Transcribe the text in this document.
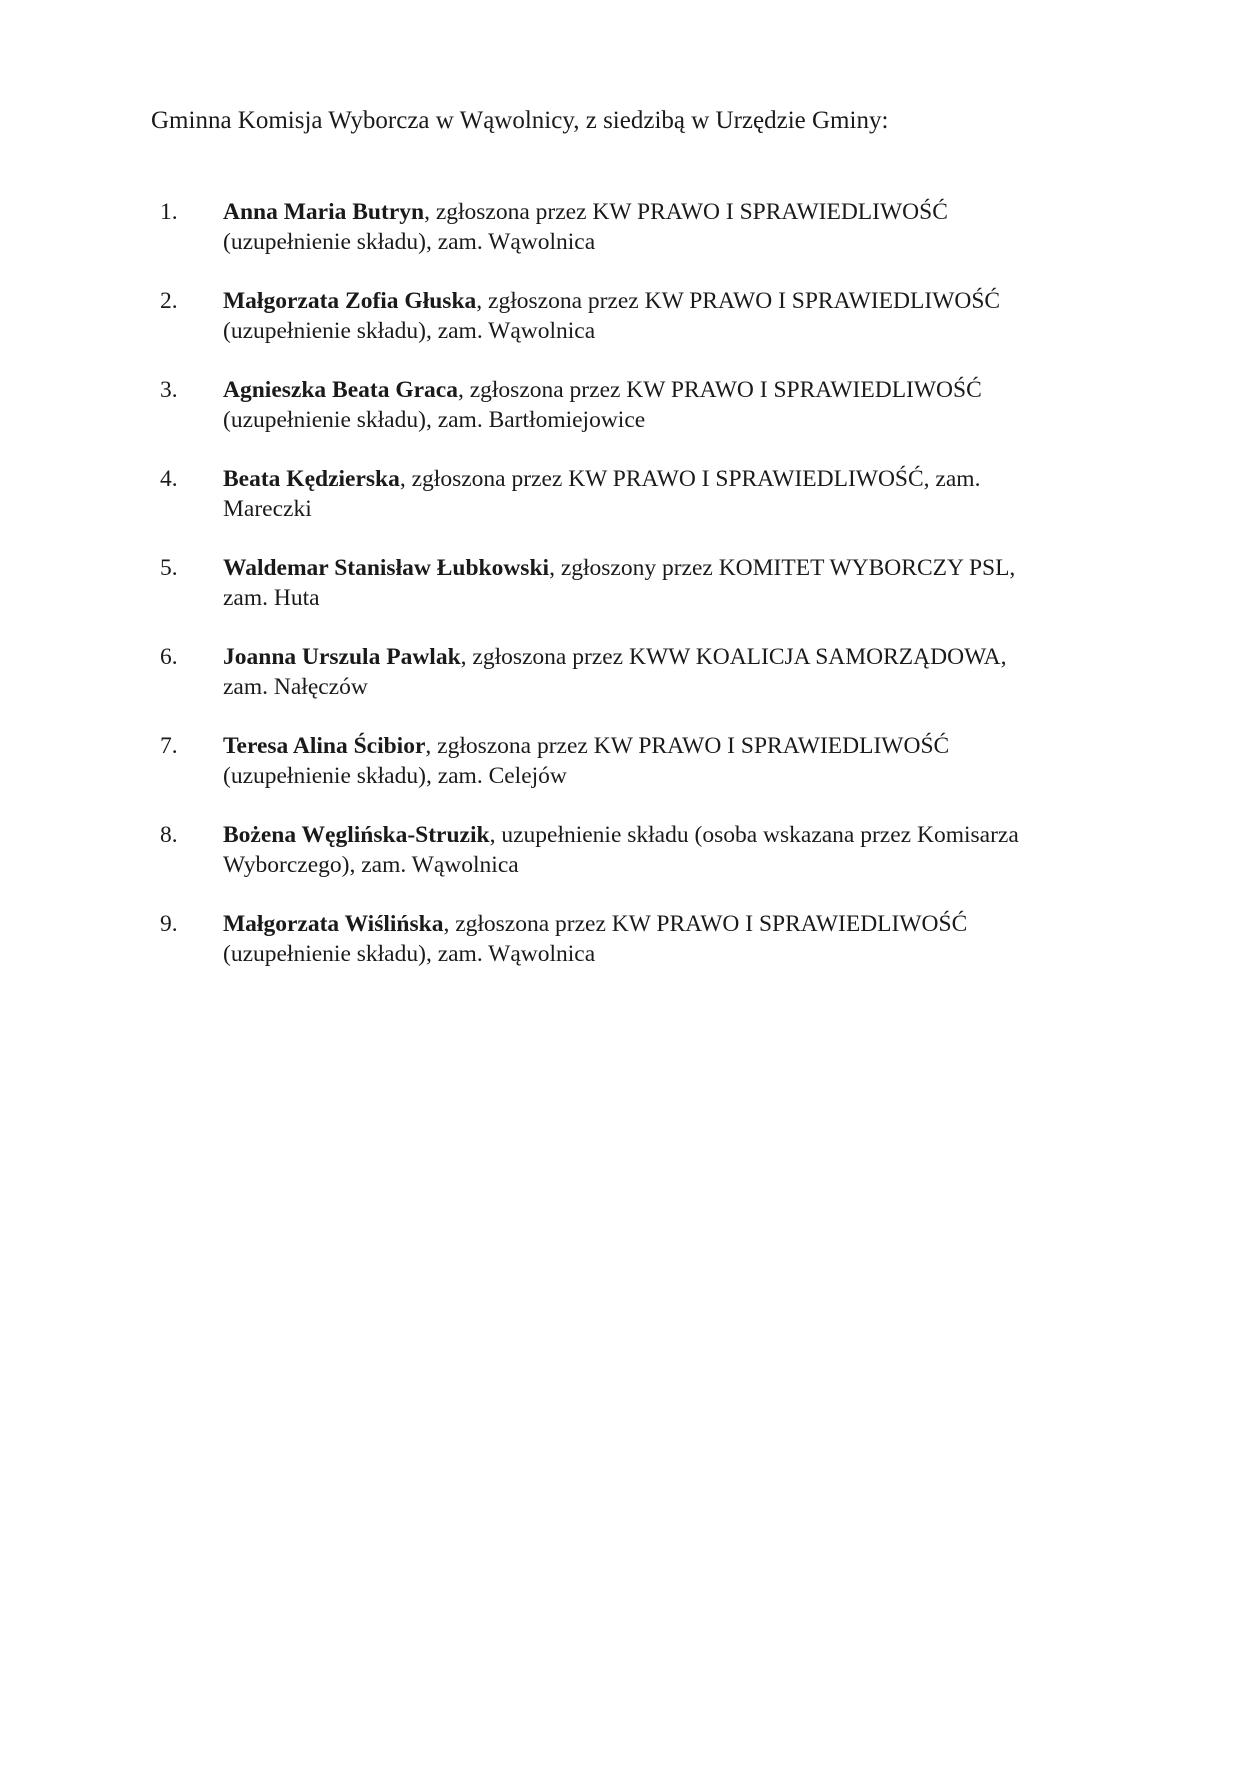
Gminna Komisja Wyborcza w Wąwolnicy, z siedzibą w Urzędzie Gminy:
1.	Anna Maria Butryn, zgłoszona przez KW PRAWO I SPRAWIEDLIWOŚĆ
(uzupełnienie składu), zam. Wąwolnica
2.	Małgorzata Zofia Głuska, zgłoszona przez KW PRAWO I SPRAWIEDLIWOŚĆ
(uzupełnienie składu), zam. Wąwolnica
3.	Agnieszka Beata Graca, zgłoszona przez KW PRAWO I SPRAWIEDLIWOŚĆ
(uzupełnienie składu), zam. Bartłomiejowice
4.	Beata Kędzierska, zgłoszona przez KW PRAWO I SPRAWIEDLIWOŚĆ, zam.
Mareczki
5.	Waldemar Stanisław Łubkowski, zgłoszony przez KOMITET WYBORCZY PSL,
zam. Huta
6.	Joanna Urszula Pawlak, zgłoszona przez KWW KOALICJA SAMORZĄDOWA,
zam. Nałęczów
7.	Teresa Alina Ścibior, zgłoszona przez KW PRAWO I SPRAWIEDLIWOŚĆ
(uzupełnienie składu), zam. Celejów
8.	Bożena Węglińska-Struzik, uzupełnienie składu (osoba wskazana przez Komisarza
Wyborczego), zam. Wąwolnica
9.	Małgorzata Wiślińska, zgłoszona przez KW PRAWO I SPRAWIEDLIWOŚĆ
(uzupełnienie składu), zam. Wąwolnica
